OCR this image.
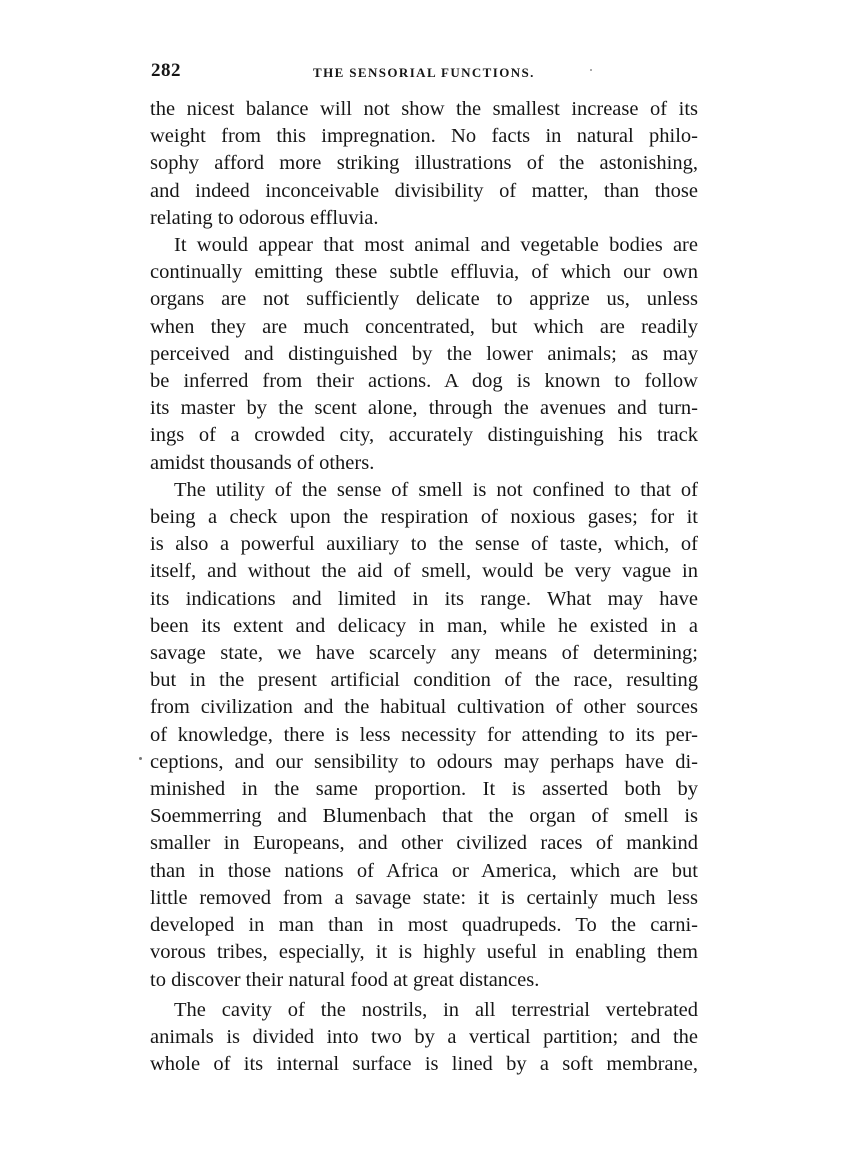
282	THE SENSORIAL FUNCTIONS.
the nicest balance will not show the smallest increase of its
weight from this impregnation. No facts in natural philo-
sophy afford more striking illustrations of the astonishing,
and indeed inconceivable divisibility of matter, than those
relating to odorous effluvia.
It would appear that most animal and vegetable bodies are
continually emitting these subtle effluvia, of which our own
organs are not sufficiently delicate to apprize us, unless
when they are much concentrated, but which are readily
perceived and distinguished by the lower animals; as may
be inferred from their actions. A dog is known to follow
its master by the scent alone, through the avenues and turn-
ings of a crowded city, accurately distinguishing his track
amidst thousands of others.
The utility of the sense of smell is not confined to that of
being a check upon the respiration of noxious gases; for it
is also a powerful auxiliary to the sense of taste, which, of
itself, and without the aid of smell, would be very vague in
its indications and limited in its range. What may have
been its extent and delicacy in man, while he existed in a
savage state, we have scarcely any means of determining;
but in the present artificial condition of the race, resulting
from civilization and the habitual cultivation of other sources
of knowledge, there is less necessity for attending to its per-
ceptions, and our sensibility to odours may perhaps have di-
minished in the same proportion. It is asserted both by
Soemmerring and Blumenbach that the organ of smell is
smaller in Europeans, and other civilized races of mankind
than in those nations of Africa or America, which are but
little removed from a savage state: it is certainly much less
developed in man than in most quadrupeds. To the carni-
vorous tribes, especially, it is highly useful in enabling them
to discover their natural food at great distances.
The cavity of the nostrils, in all terrestrial vertebrated
animals is divided into two by a vertical partition; and the
whole of its internal surface is lined by a soft membrane,
